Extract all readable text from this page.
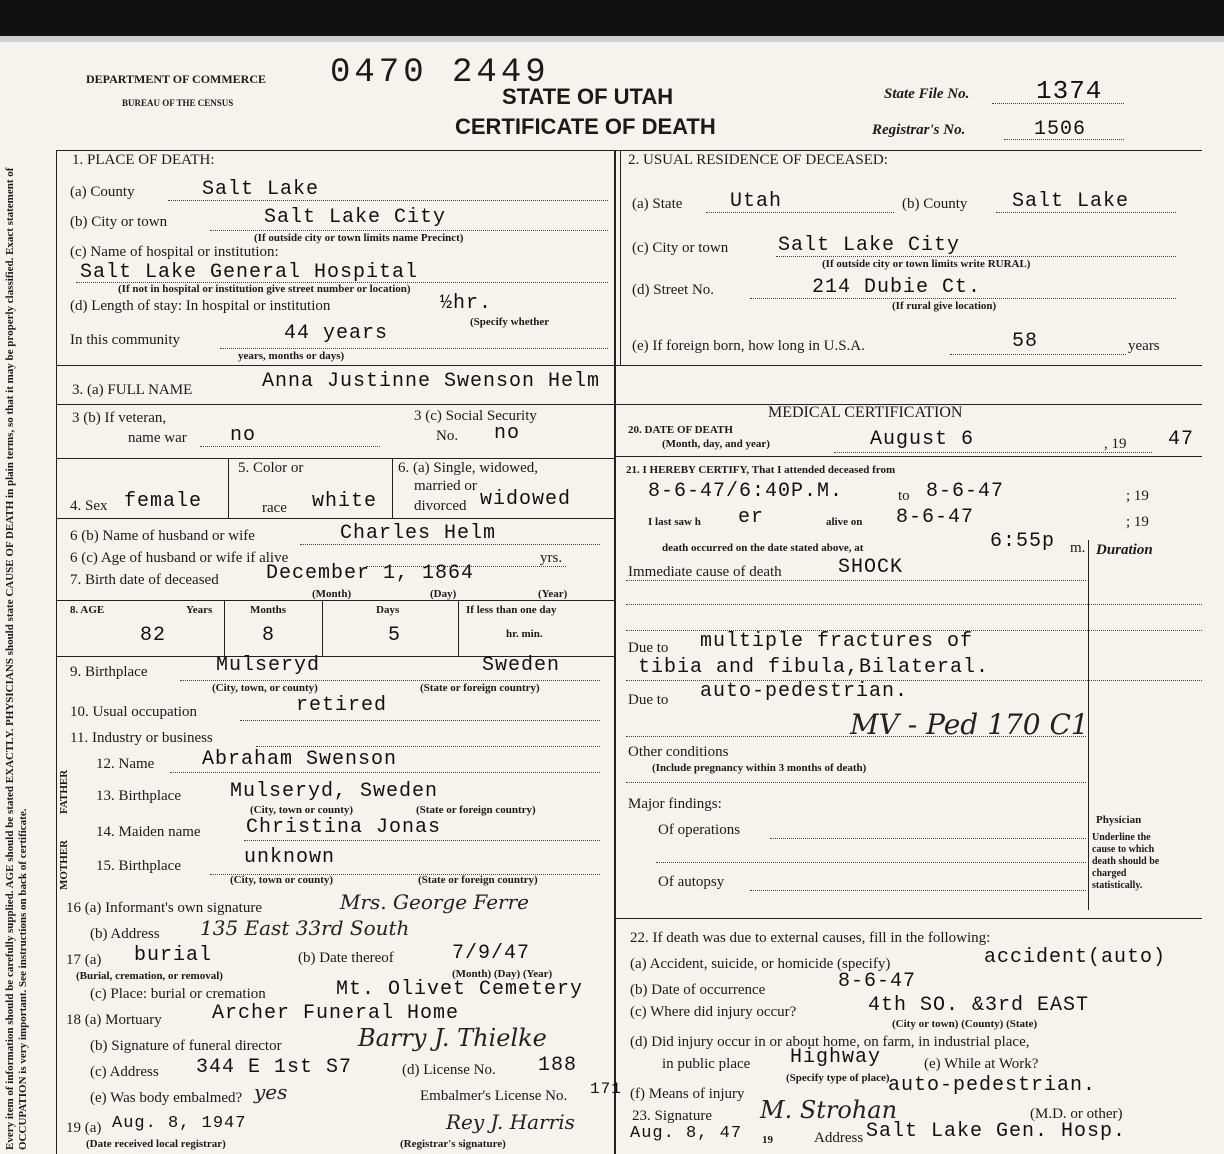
Every item of information should be carefully supplied. AGE should be stated EXACTLY. PHYSICIANS should state CAUSE OF DEATH in plain terms, so that it may be properly classified. Exact statement of OCCUPATION is very important. See instructions on back of certificate.
DEPARTMENT OF COMMERCE
BUREAU OF THE CENSUS
0470 2449
STATE OF UTAH
CERTIFICATE OF DEATH
State File No.	1374
Registrar's No.	1506
1. PLACE OF DEATH:
(a) County	Salt Lake
(b) City or town	Salt Lake City
(If outside city or town limits name Precinct)
(c) Name of hospital or institution:
Salt Lake General Hospital
(If not in hospital or institution give street number or location)
(d) Length of stay: In hospital or institution	½hr.
(Specify whether
In this community	44 years
years, months or days)
2. USUAL RESIDENCE OF DECEASED:
(a) State Utah	(b) County Salt Lake
(c) City or town Salt Lake City
(If outside city or town limits write RURAL)
(d) Street No.	214 Dubie Ct.
(If rural give location)
(e) If foreign born, how long in U.S.A.	58	years
3. (a) FULL NAME	Anna Justinne Swenson Helm
3 (b) If veteran,
name war no
3 (c) Social Security
No. no
4. Sex female
5. Color or
race white
6. (a) Single, widowed,
married or
divorced widowed
6 (b) Name of husband or wife	Charles Helm
6 (c) Age of husband or wife if alive	yrs.
7. Birth date of deceased December 1, 1864
(Month)	(Day)	(Year)
8. AGE	Years	Months	Days	If less than one day
hr. min.
82	8	5
9. Birthplace	Mulseryd	Sweden
(City, town, or county)	(State or foreign country)
10. Usual occupation	retired
11. Industry or business
FATHER
MOTHER
12. Name Abraham Swenson
13. Birthplace Mulseryd, Sweden
(City, town or county)	(State or foreign country)
14. Maiden name Christina Jonas
15. Birthplace	unknown
(City, town or county)	(State or foreign country)
16 (a) Informant's own signature	Mrs. George Ferre
(b) Address 135 East 33rd South
17 (a) burial
(Burial, cremation, or removal)
(b) Date thereof	7/9/47
(Month) (Day) (Year)
(c) Place: burial or cremation	Mt. Olivet Cemetery
18 (a) Mortuary	Archer Funeral Home
(b) Signature of funeral director	Barry J. Thielke
(c) Address 344 E 1st S7	(d) License No. 188
(e) Was body embalmed? yes	Embalmer's License No. 171
19 (a) Aug. 8, 1947
(Date received local registrar)
Rey J. Harris
(Registrar's signature)
MEDICAL CERTIFICATION
20. DATE OF DEATH
(Month, day, and year)	August 6	, 19 47
21. I HEREBY CERTIFY, That I attended deceased from
8-6-47/6:40P.M.	to 8-6-47	; 19
I last saw h er	alive on 8-6-47	; 19
death occurred on the date stated above, at	6:55p m. Duration
Immediate cause of death	SHOCK
Due to multiple fractures of
tibia and fibula,Bilateral.
Due to auto-pedestrian.
MV - Ped 170 C1
Other conditions
(Include pregnancy within 3 months of death)
Major findings:
Of operations
Of autopsy
Physician
Underline the cause to which death should be charged statistically.
22. If death was due to external causes, fill in the following:
(a) Accident, suicide, or homicide (specify)	accident(auto)
(b) Date of occurrence	8-6-47
(c) Where did injury occur?	4th SO. &3rd EAST
(City or town) (County) (State)
(d) Did injury occur in or about home, on farm, in industrial place,
in public place Highway	(e) While at Work?
(Specify type of place)
(f) Means of injury	auto-pedestrian.
23. Signature M. Strohan	(M.D. or other)
Aug. 8, 47 19	Address Salt Lake Gen. Hosp.
